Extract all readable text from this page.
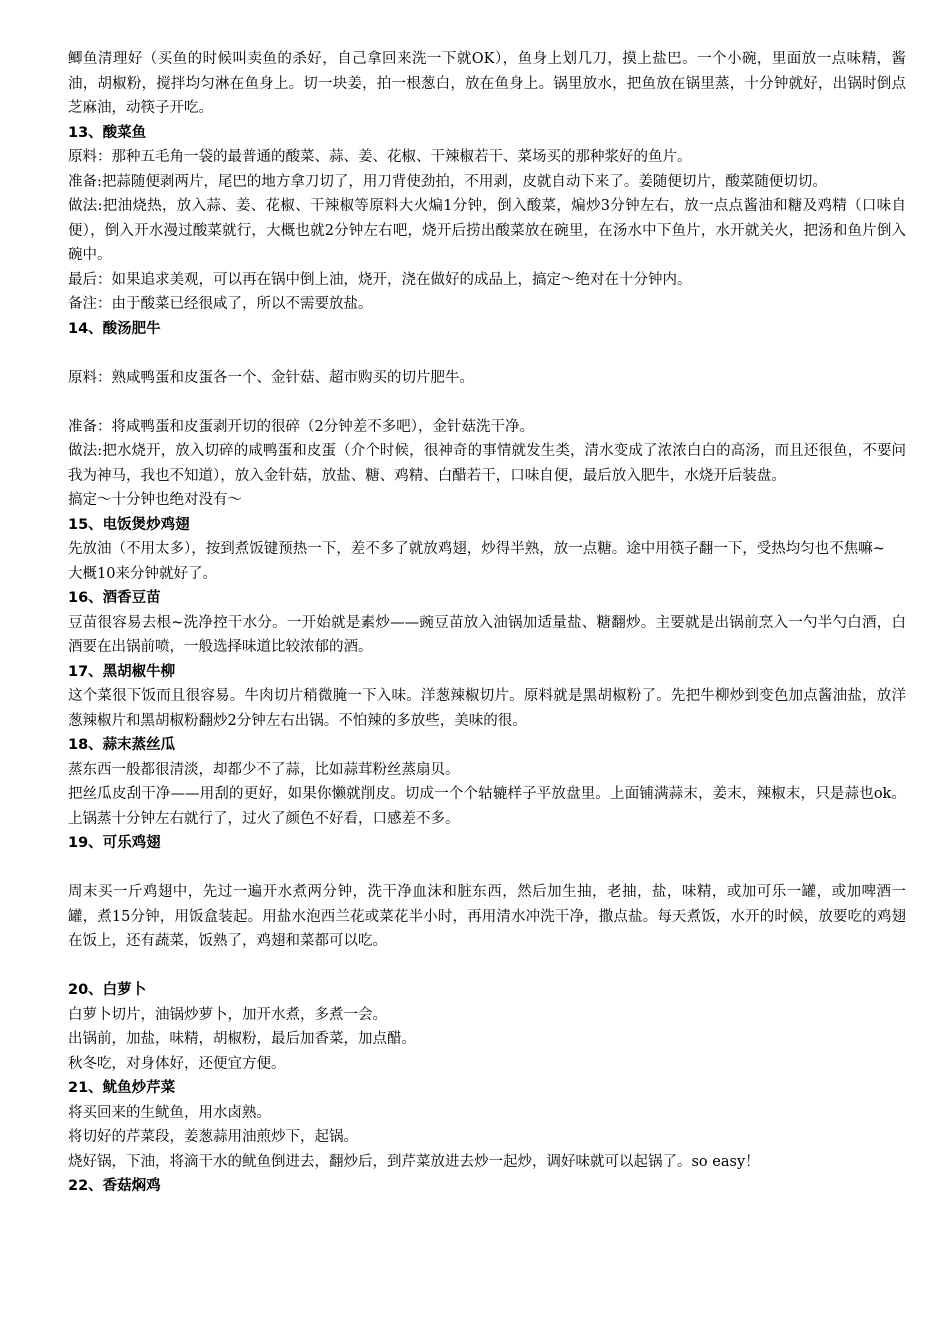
鲫鱼清理好（买鱼的时候叫卖鱼的杀好，自己拿回来洗一下就OK），鱼身上划几刀，摸上盐巴。一个小碗，里面放一点味精，酱油，胡椒粉，搅拌均匀淋在鱼身上。切一块姜，拍一根葱白，放在鱼身上。锅里放水，把鱼放在锅里蒸，十分钟就好，出锅时倒点芝麻油，动筷子开吃。

13、酸菜鱼

原料：那种五毛角一袋的最普通的酸菜、蒜、姜、花椒、干辣椒若干、菜场买的那种浆好的鱼片。

准备:把蒜随便剥两片，尾巴的地方拿刀切了，用刀背使劲拍，不用剥，皮就自动下来了。姜随便切片，酸菜随便切切。

做法:把油烧热，放入蒜、姜、花椒、干辣椒等原料大火煸1分钟，倒入酸菜，煸炒3分钟左右，放一点点酱油和糖及鸡精（口味自便），倒入开水漫过酸菜就行，大概也就2分钟左右吧，烧开后捞出酸菜放在碗里，在汤水中下鱼片，水开就关火，把汤和鱼片倒入碗中。

最后：如果追求美观，可以再在锅中倒上油，烧开，浇在做好的成品上，搞定～绝对在十分钟内。

备注：由于酸菜已经很咸了，所以不需要放盐。

14、酸汤肥牛

原料：熟咸鸭蛋和皮蛋各一个、金针菇、超市购买的切片肥牛。

准备：将咸鸭蛋和皮蛋剥开切的很碎（2分钟差不多吧），金针菇洗干净。

做法:把水烧开，放入切碎的咸鸭蛋和皮蛋（介个时候，很神奇的事情就发生类，清水变成了浓浓白白的高汤，而且还很鱼，不要问我为神马，我也不知道），放入金针菇，放盐、糖、鸡精、白醋若干，口味自便，最后放入肥牛，水烧开后装盘。

搞定～十分钟也绝对没有～

15、电饭煲炒鸡翅

先放油（不用太多），按到煮饭键预热一下，差不多了就放鸡翅，炒得半熟，放一点糖。途中用筷子翻一下，受热均匀也不焦嘛~

大概10来分钟就好了。

16、酒香豆苗

豆苗很容易去根~洗净控干水分。一开始就是素炒——豌豆苗放入油锅加适量盐、糖翻炒。主要就是出锅前烹入一勺半勺白酒，白酒要在出锅前喷，一般选择味道比较浓郁的酒。

17、黑胡椒牛柳

这个菜很下饭而且很容易。牛肉切片稍微腌一下入味。洋葱辣椒切片。原料就是黑胡椒粉了。先把牛柳炒到变色加点酱油盐，放洋葱辣椒片和黑胡椒粉翻炒2分钟左右出锅。不怕辣的多放些，美味的很。

18、蒜末蒸丝瓜

蒸东西一般都很清淡，却都少不了蒜，比如蒜茸粉丝蒸扇贝。

把丝瓜皮刮干净——用刮的更好，如果你懒就削皮。切成一个个轱辘样子平放盘里。上面铺满蒜末，姜末，辣椒末，只是蒜也ok。上锅蒸十分钟左右就行了，过火了颜色不好看，口感差不多。

19、可乐鸡翅

周末买一斤鸡翅中，先过一遍开水煮两分钟，洗干净血沫和脏东西，然后加生抽，老抽，盐，味精，或加可乐一罐，或加啤酒一罐，煮15分钟，用饭盒装起。用盐水泡西兰花或菜花半小时，再用清水冲洗干净，撒点盐。每天煮饭，水开的时候，放要吃的鸡翅在饭上，还有蔬菜，饭熟了，鸡翅和菜都可以吃。

20、白萝卜

白萝卜切片，油锅炒萝卜，加开水煮，多煮一会。

出锅前，加盐，味精，胡椒粉，最后加香菜，加点醋。

秋冬吃，对身体好，还便宜方便。

21、鱿鱼炒芹菜

将买回来的生鱿鱼，用水卤熟。

将切好的芹菜段，姜葱蒜用油煎炒下，起锅。

烧好锅，下油，将滴干水的鱿鱼倒进去，翻炒后，到芹菜放进去炒一起炒，调好味就可以起锅了。so easy！

22、香菇焖鸡
